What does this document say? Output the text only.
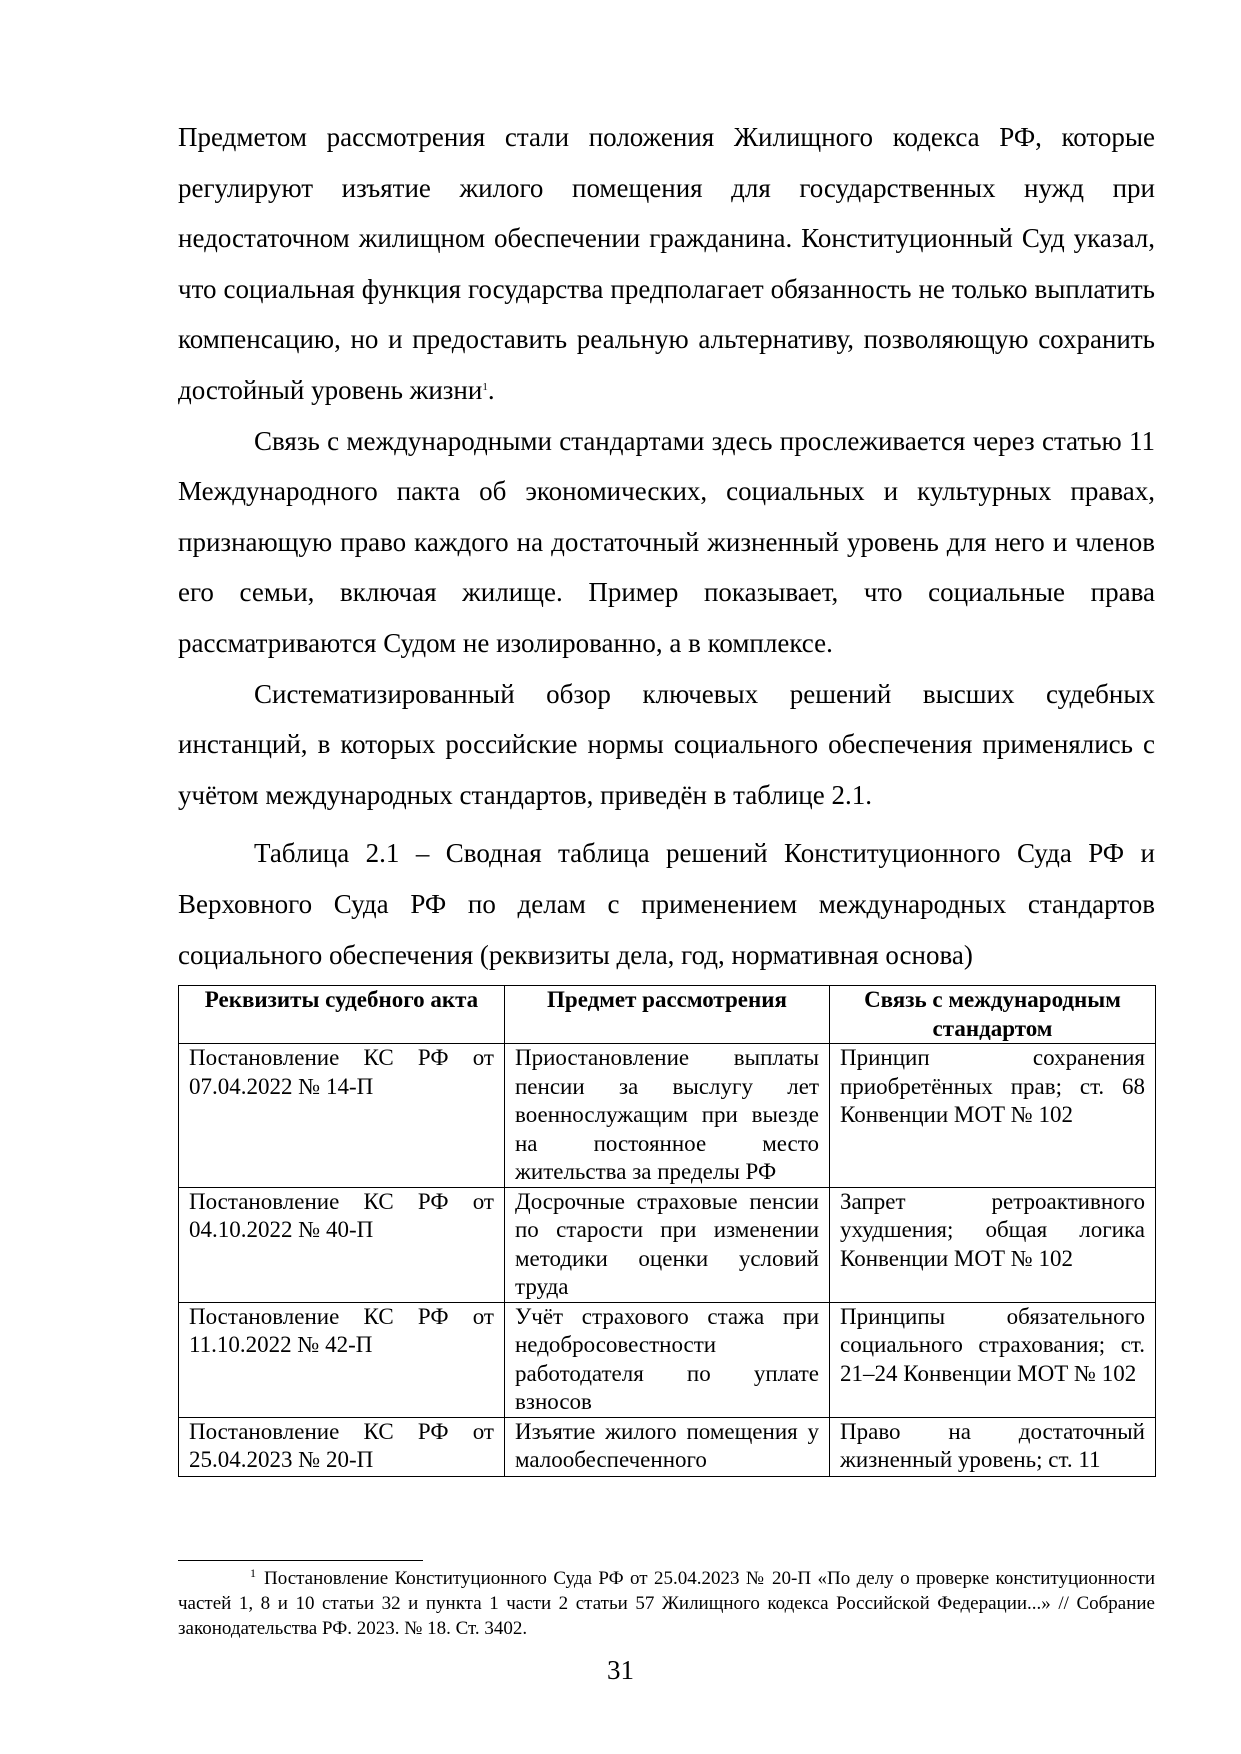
Предметом рассмотрения стали положения Жилищного кодекса РФ, которые регулируют изъятие жилого помещения для государственных нужд при недостаточном жилищном обеспечении гражданина. Конституционный Суд указал, что социальная функция государства предполагает обязанность не только выплатить компенсацию, но и предоставить реальную альтернативу, позволяющую сохранить достойный уровень жизни$^1$.

Связь с международными стандартами здесь прослеживается через статью 11 Международного пакта об экономических, социальных и культурных правах, признающую право каждого на достаточный жизненный уровень для него и членов его семьи, включая жилище. Пример показывает, что социальные права рассматриваются Судом не изолированно, а в комплексе.

Систематизированный обзор ключевых решений высших судебных инстанций, в которых российские нормы социального обеспечения применялись с учётом международных стандартов, приведён в таблице 2.1.

Таблица 2.1 – Сводная таблица решений Конституционного Суда РФ и Верховного Суда РФ по делам с применением международных стандартов социального обеспечения (реквизиты дела, год, нормативная основа)

Реквизиты судебного акта	Предмет рассмотрения	Связь с международным стандартом
Постановление КС РФ от 07.04.2022 № 14-П	Приостановление выплаты пенсии за выслугу лет военнослужащим при выезде на постоянное место жительства за пределы РФ	Принцип сохранения приобретённых прав; ст. 68 Конвенции МОТ № 102
Постановление КС РФ от 04.10.2022 № 40-П	Досрочные страховые пенсии по старости при изменении методики оценки условий труда	Запрет ретроактивного ухудшения; общая логика Конвенции МОТ № 102
Постановление КС РФ от 11.10.2022 № 42-П	Учёт страхового стажа при недобросовестности работодателя по уплате взносов	Принципы обязательного социального страхования; ст. 21–24 Конвенции МОТ № 102

Постановление КС РФ от 25.04.2023 № 20-П	Изъятие жилого помещения у малообеспеченного	Право на достаточный жизненный уровень; ст. 11

$^1$ Постановление Конституционного Суда РФ от 25.04.2023 № 20-П «По делу о проверке конституционности частей 1, 8 и 10 статьи 32 и пункта 1 части 2 статьи 57 Жилищного кодекса Российской Федерации...» // Собрание законодательства РФ. 2023. № 18. Ст. 3402.

31
